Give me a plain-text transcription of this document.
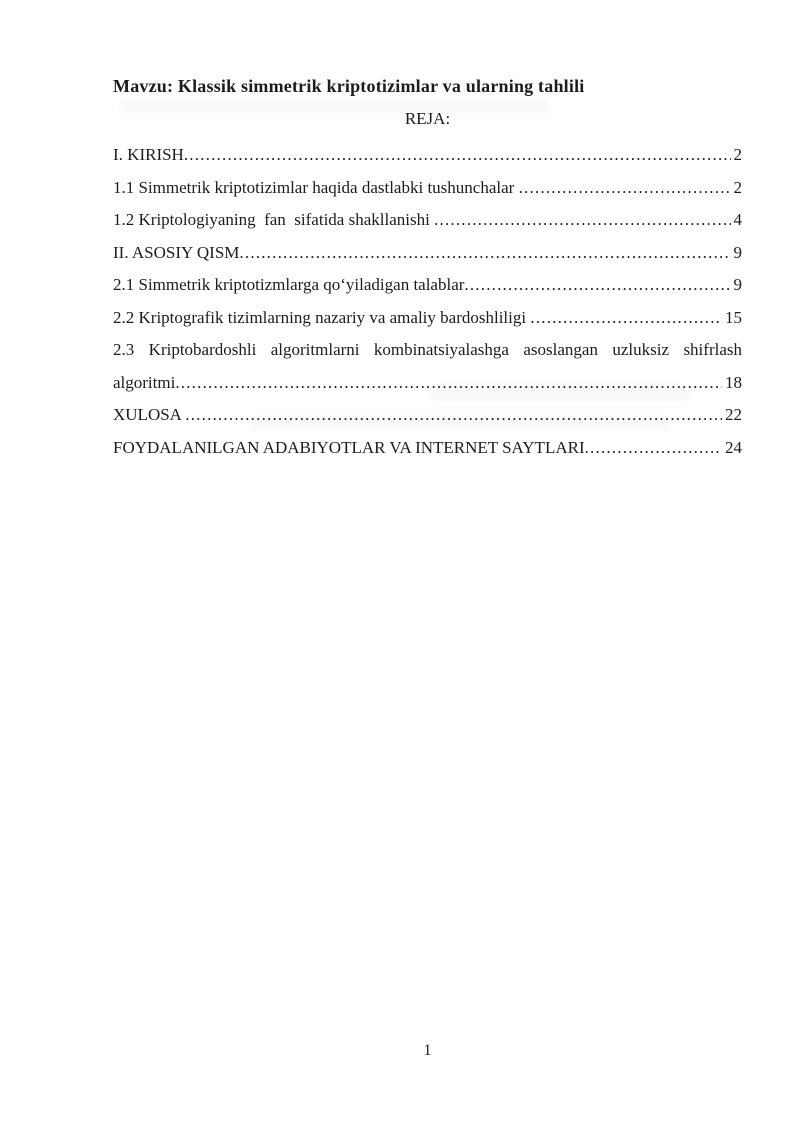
Mavzu: Klassik simmetrik kriptotizimlar va ularning tahlili
REJA:
I. KIRISH .....	2
1.1 Simmetrik kriptotizimlar haqida dastlabki tushunchalar .....	2
1.2 Kriptologiyaning  fan  sifatida shakllanishi .....	4
II. ASOSIY QISM .....	9
2.1 Simmetrik kriptotizmlarga qo‘yiladigan talablar .....	9
2.2 Kriptografik tizimlarning nazariy va amaliy bardoshliligi .....	15
2.3 Kriptobardoshli algoritmlarni kombinatsiyalashga asoslangan uzluksiz shifrlash
algoritmi .....	18
XULOSA .....	22
FOYDALANILGAN ADABIYOTLAR VA INTERNET SAYTLARI .....	24
1
